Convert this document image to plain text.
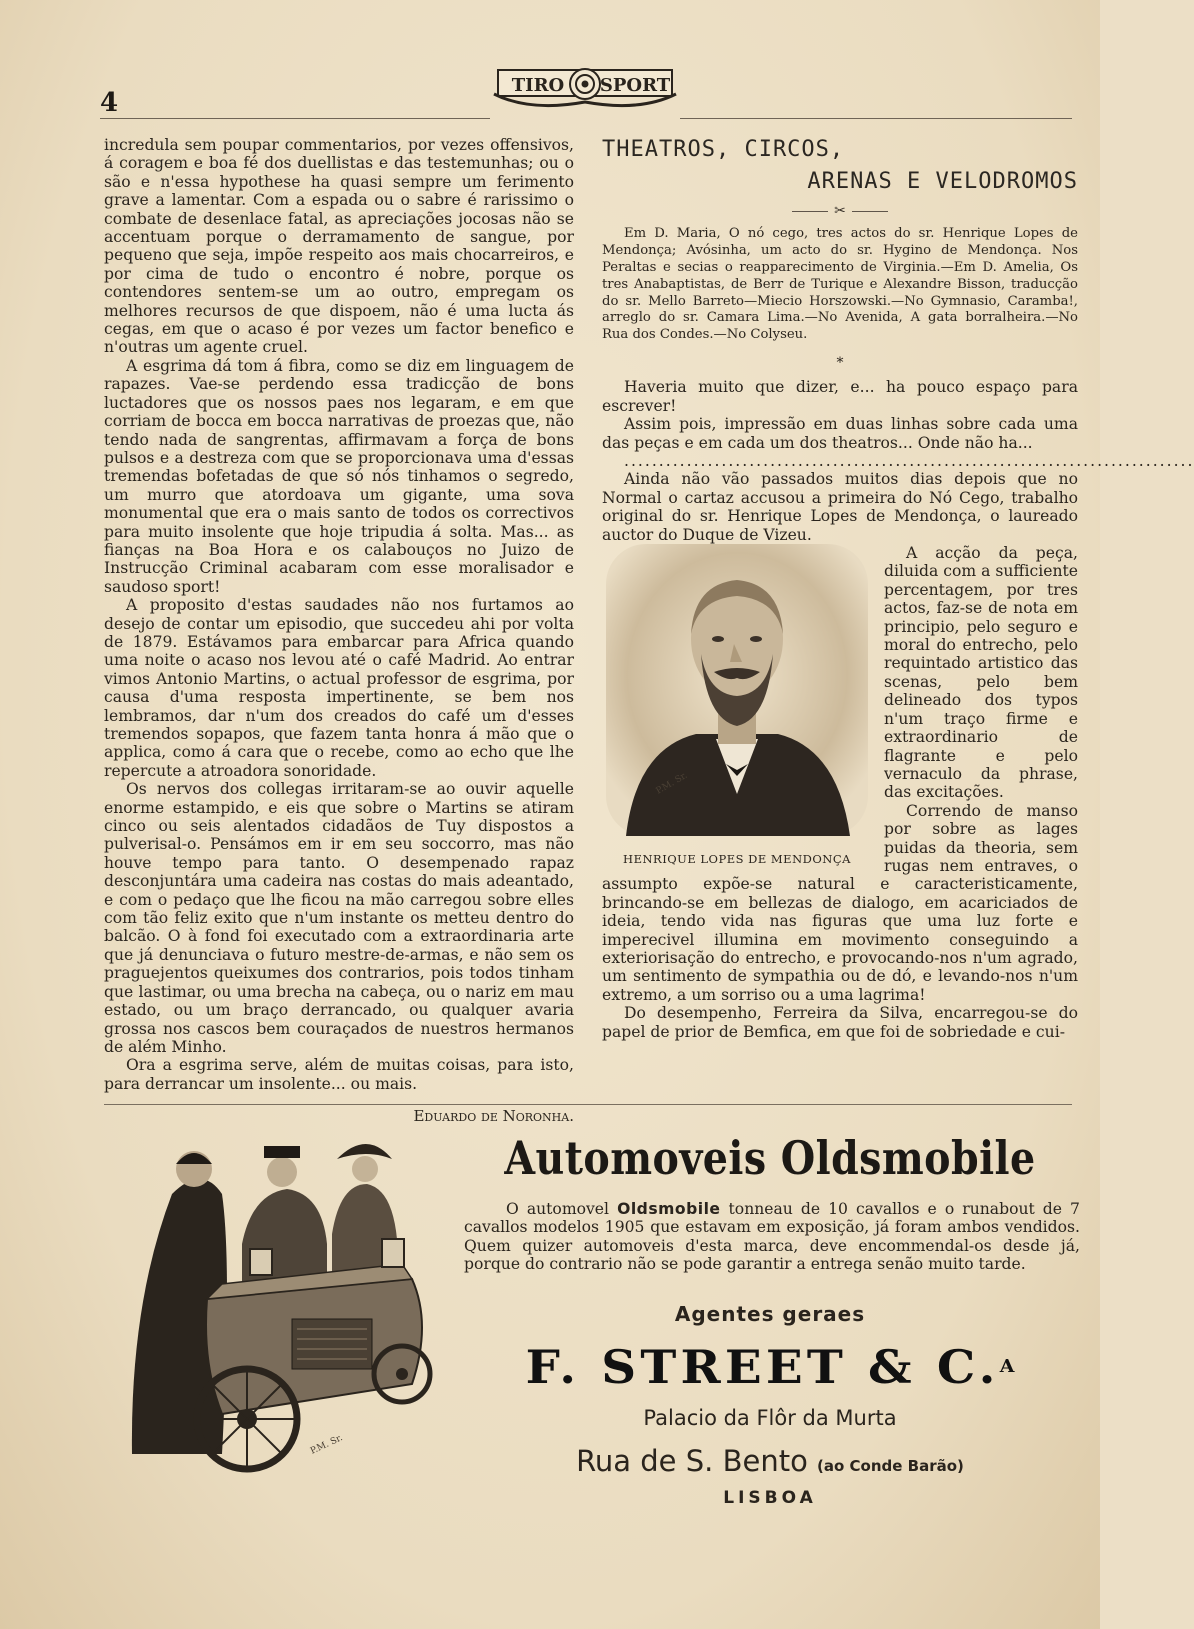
4
TIRO SPORT

incredula sem poupar commentarios, por vezes offensivos, á coragem e boa fé dos duellistas e das testemunhas; ou o são e n'essa hypothese ha quasi sempre um ferimento grave a lamentar. Com a espada ou o sabre é rarissimo o combate de desenlace fatal, as apreciações jocosas não se accentuam porque o derramamento de sangue, por pequeno que seja, impõe respeito aos mais chocarreiros, e por cima de tudo o encontro é nobre, porque os contendores sentem-se um ao outro, empregam os melhores recursos de que dispoem, não é uma lucta ás cegas, em que o acaso é por vezes um factor benefico e n'outras um agente cruel.

A esgrima dá tom á fibra, como se diz em linguagem de rapazes. Vae-se perdendo essa tradicção de bons luctadores que os nossos paes nos legaram, e em que corriam de bocca em bocca narrativas de proezas que, não tendo nada de sangrentas, affirmavam a força de bons pulsos e a destreza com que se proporcionava uma d'essas tremendas bofetadas de que só nós tinhamos o segredo, um murro que atordoava um gigante, uma sova monumental que era o mais santo de todos os correctivos para muito insolente que hoje tripudia á solta. Mas... as fianças na Boa Hora e os calabouços no Juizo de Instrucção Criminal acabaram com esse moralisador e saudoso sport!

A proposito d'estas saudades não nos furtamos ao desejo de contar um episodio, que succedeu ahi por volta de 1879. Estávamos para embarcar para Africa quando uma noite o acaso nos levou até o café Madrid. Ao entrar vimos Antonio Martins, o actual professor de esgrima, por causa d'uma resposta impertinente, se bem nos lembramos, dar n'um dos creados do café um d'esses tremendos sopapos, que fazem tanta honra á mão que o applica, como á cara que o recebe, como ao echo que lhe repercute a atroadora sonoridade.

Os nervos dos collegas irritaram-se ao ouvir aquelle enorme estampido, e eis que sobre o Martins se atiram cinco ou seis alentados cidadãos de Tuy dispostos a pulverisal-o. Pensámos em ir em seu soccorro, mas não houve tempo para tanto. O desempenado rapaz desconjuntára uma cadeira nas costas do mais adeantado, e com o pedaço que lhe ficou na mão carregou sobre elles com tão feliz exito que n'um instante os metteu dentro do balcão. O à fond foi executado com a extraordinaria arte que já denunciava o futuro mestre-de-armas, e não sem os praguejentos queixumes dos contrarios, pois todos tinham que lastimar, ou uma brecha na cabeça, ou o nariz em mau estado, ou um braço derrancado, ou qualquer avaria grossa nos cascos bem couraçados de nuestros hermanos de além Minho.

Ora a esgrima serve, além de muitas coisas, para isto, para derrancar um insolente... ou mais.

Eduardo de Noronha.

THEATROS, CIRCOS,
ARENAS E VELODROMOS
✂

Em D. Maria, O nó cego, tres actos do sr. Henrique Lopes de Mendonça; Avósinha, um acto do sr. Hygino de Mendonça. Nos Peraltas e secias o reapparecimento de Virginia.—Em D. Amelia, Os tres Anabaptistas, de Berr de Turique e Alexandre Bisson, traducção do sr. Mello Barreto—Miecio Horszowski.—No Gymnasio, Caramba!, arreglo do sr. Camara Lima.—No Avenida, A gata borralheira.—No Rua dos Condes.—No Colyseu.

*

Haveria muito que dizer, e... ha pouco espaço para escrever!

Assim pois, impressão em duas linhas sobre cada uma das peças e em cada um dos theatros... Onde não ha...

..................................................................................

Ainda não vão passados muitos dias depois que no Normal o cartaz accusou a primeira do Nó Cego, trabalho original do sr. Henrique Lopes de Mendonça, o laureado auctor do Duque de Vizeu.

P.M. Sr.
HENRIQUE LOPES DE MENDONÇA

A acção da peça, diluida com a sufficiente percentagem, por tres actos, faz-se de nota em principio, pelo seguro e moral do entrecho, pelo requintado artistico das scenas, pelo bem delineado dos typos n'um traço firme e extraordinario de flagrante e pelo vernaculo da phrase, das excitações.

Correndo de manso por sobre as lages puidas da theoria, sem rugas nem entraves, o assumpto expõe-se natural e caracteristicamente, brincando-se em bellezas de dialogo, em acariciados de ideia, tendo vida nas figuras que uma luz forte e imperecivel illumina em movimento conseguindo a exteriorisação do entrecho, e provocando-nos n'um agrado, um sentimento de sympathia ou de dó, e levando-nos n'um extremo, a um sorriso ou a uma lagrima!

Do desempenho, Ferreira da Silva, encarregou-se do papel de prior de Bemfica, em que foi de sobriedade e cui-

P.M. Sr.
Automoveis Oldsmobile

O automovel Oldsmobile tonneau de 10 cavallos e o runabout de 7 cavallos modelos 1905 que estavam em exposição, já foram ambos vendidos. Quem quizer automoveis d'esta marca, deve encommendal-os desde já, porque do contrario não se pode garantir a entrega senão muito tarde.

Agentes geraes
F. STREET & C.$^A$
Palacio da Flôr da Murta
Rua de S. Bento (ao Conde Barão)
LISBOA
